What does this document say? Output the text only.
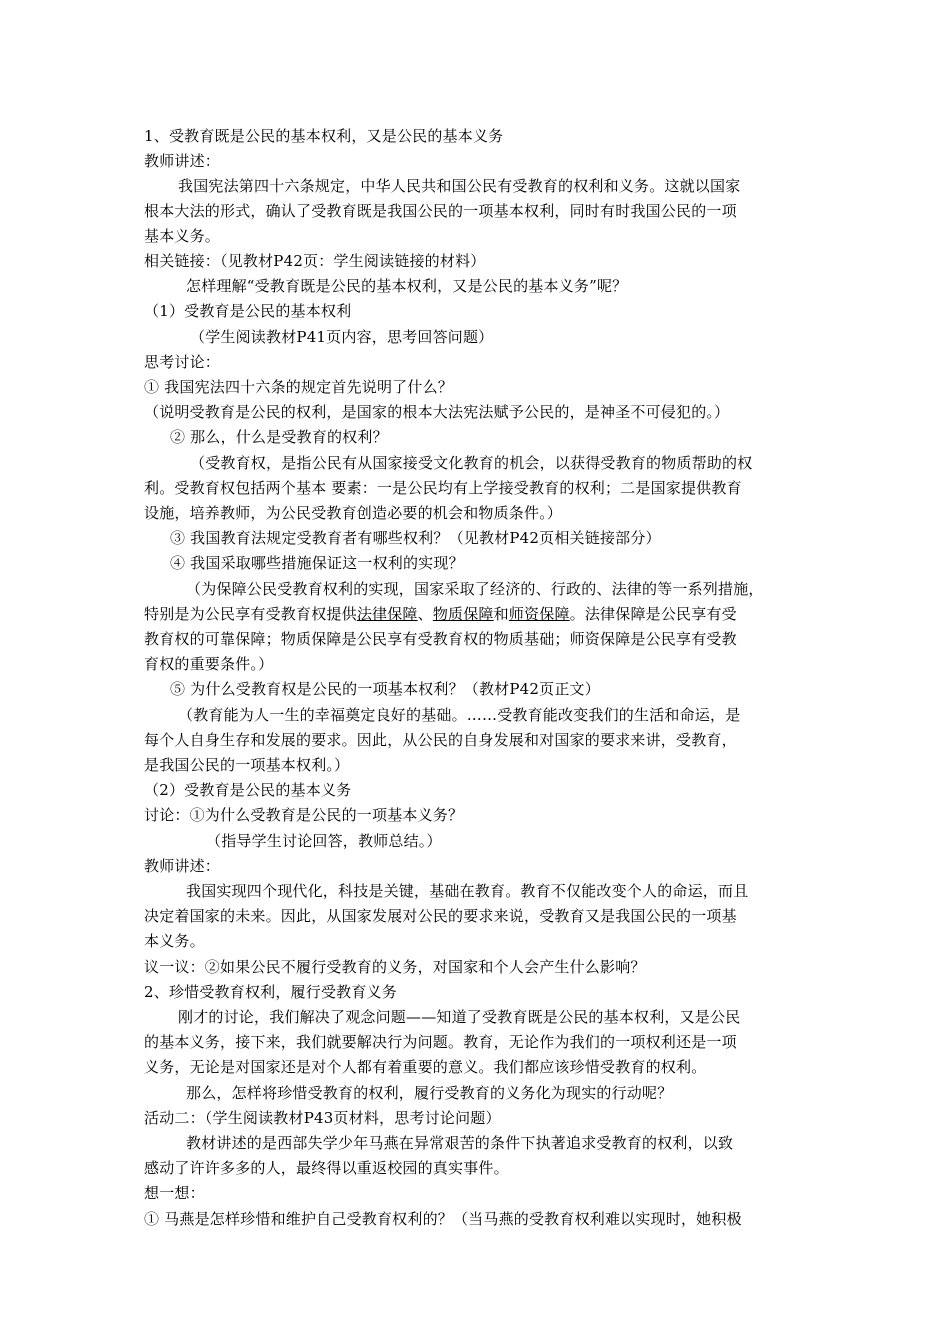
1、受教育既是公民的基本权利，又是公民的基本义务
教师讲述：
我国宪法第四十六条规定，中华人民共和国公民有受教育的权利和义务。这就以国家
根本大法的形式，确认了受教育既是我国公民的一项基本权利，同时有时我国公民的一项
基本义务。
相关链接：（见教材P42页：学生阅读链接的材料）
怎样理解“受教育既是公民的基本权利，又是公民的基本义务”呢？
（1）受教育是公民的基本权利
（学生阅读教材P41页内容，思考回答问题）
思考讨论：
① 我国宪法四十六条的规定首先说明了什么？
（说明受教育是公民的权利，是国家的根本大法宪法赋予公民的，是神圣不可侵犯的。）
② 那么，什么是受教育的权利？
（受教育权，是指公民有从国家接受文化教育的机会，以获得受教育的物质帮助的权
利。受教育权包括两个基本 要素：一是公民均有上学接受教育的权利；二是国家提供教育
设施，培养教师，为公民受教育创造必要的机会和物质条件。）
③ 我国教育法规定受教育者有哪些权利？（见教材P42页相关链接部分）
④ 我国采取哪些措施保证这一权利的实现？
（为保障公民受教育权利的实现，国家采取了经济的、行政的、法律的等一系列措施，
特别是为公民享有受教育权提供法律保障、物质保障和师资保障。法律保障是公民享有受
教育权的可靠保障；物质保障是公民享有受教育权的物质基础；师资保障是公民享有受教
育权的重要条件。）
⑤ 为什么受教育权是公民的一项基本权利？（教材P42页正文）
（教育能为人一生的幸福奠定良好的基础。……受教育能改变我们的生活和命运，是
每个人自身生存和发展的要求。因此，从公民的自身发展和对国家的要求来讲，受教育，
是我国公民的一项基本权利。）
（2）受教育是公民的基本义务
讨论：①为什么受教育是公民的一项基本义务？
（指导学生讨论回答，教师总结。）
教师讲述：
我国实现四个现代化，科技是关键，基础在教育。教育不仅能改变个人的命运，而且
决定着国家的未来。因此，从国家发展对公民的要求来说，受教育又是我国公民的一项基
本义务。
议一议：②如果公民不履行受教育的义务，对国家和个人会产生什么影响？
2、珍惜受教育权利，履行受教育义务
刚才的讨论，我们解决了观念问题——知道了受教育既是公民的基本权利，又是公民
的基本义务，接下来，我们就要解决行为问题。教育，无论作为我们的一项权利还是一项
义务，无论是对国家还是对个人都有着重要的意义。我们都应该珍惜受教育的权利。
那么，怎样将珍惜受教育的权利，履行受教育的义务化为现实的行动呢？
活动二：（学生阅读教材P43页材料，思考讨论问题）
教材讲述的是西部失学少年马燕在异常艰苦的条件下执著追求受教育的权利，以致
感动了许许多多的人，最终得以重返校园的真实事件。
想一想：
① 马燕是怎样珍惜和维护自己受教育权利的？（当马燕的受教育权利难以实现时，她积极
